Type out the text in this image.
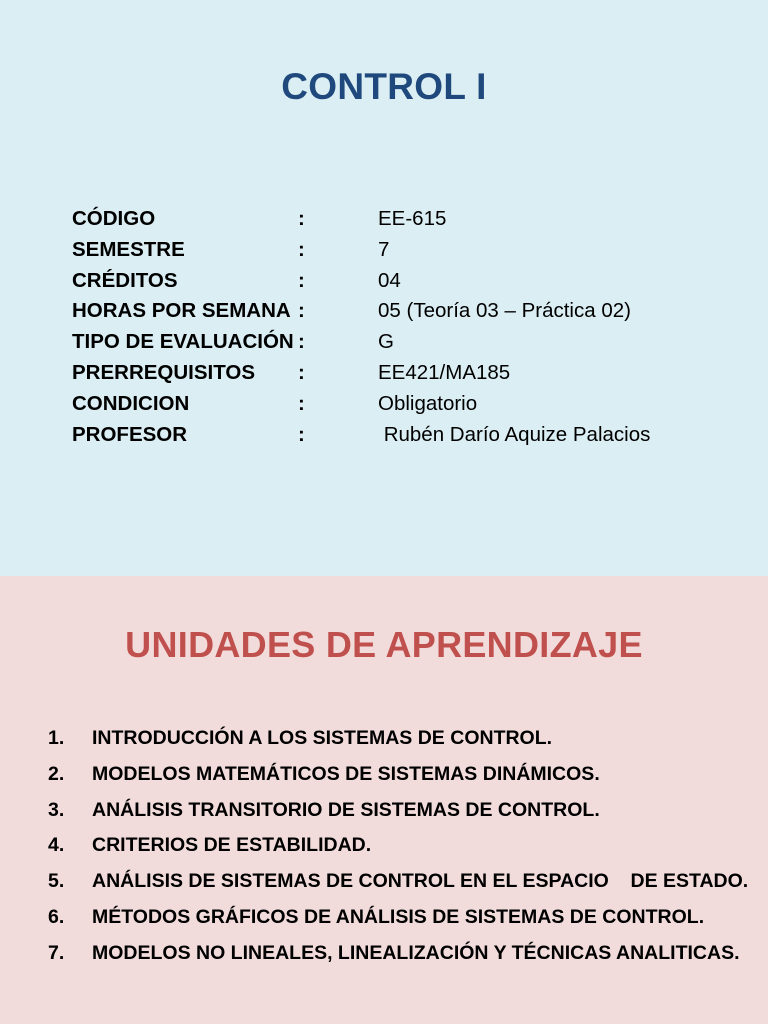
CONTROL I
CÓDIGO	:	EE-615
SEMESTRE	:	7
CRÉDITOS	:	04
HORAS POR SEMANA :	05 (Teoría 03 – Práctica 02)
TIPO DE EVALUACIÓN :	G
PRERREQUISITOS :	EE421/MA185
CONDICION	:	Obligatorio
PROFESOR	:	Rubén Darío Aquize Palacios
UNIDADES DE APRENDIZAJE
1. INTRODUCCIÓN A LOS SISTEMAS DE CONTROL.
2. MODELOS MATEMÁTICOS DE SISTEMAS DINÁMICOS.
3. ANÁLISIS TRANSITORIO DE SISTEMAS DE CONTROL.
4. CRITERIOS DE ESTABILIDAD.
5. ANÁLISIS DE SISTEMAS DE CONTROL EN EL ESPACIO    DE ESTADO.
6. MÉTODOS GRÁFICOS DE ANÁLISIS DE SISTEMAS DE CONTROL.
7. MODELOS NO LINEALES, LINEALIZACIÓN Y TÉCNICAS ANALITICAS.
